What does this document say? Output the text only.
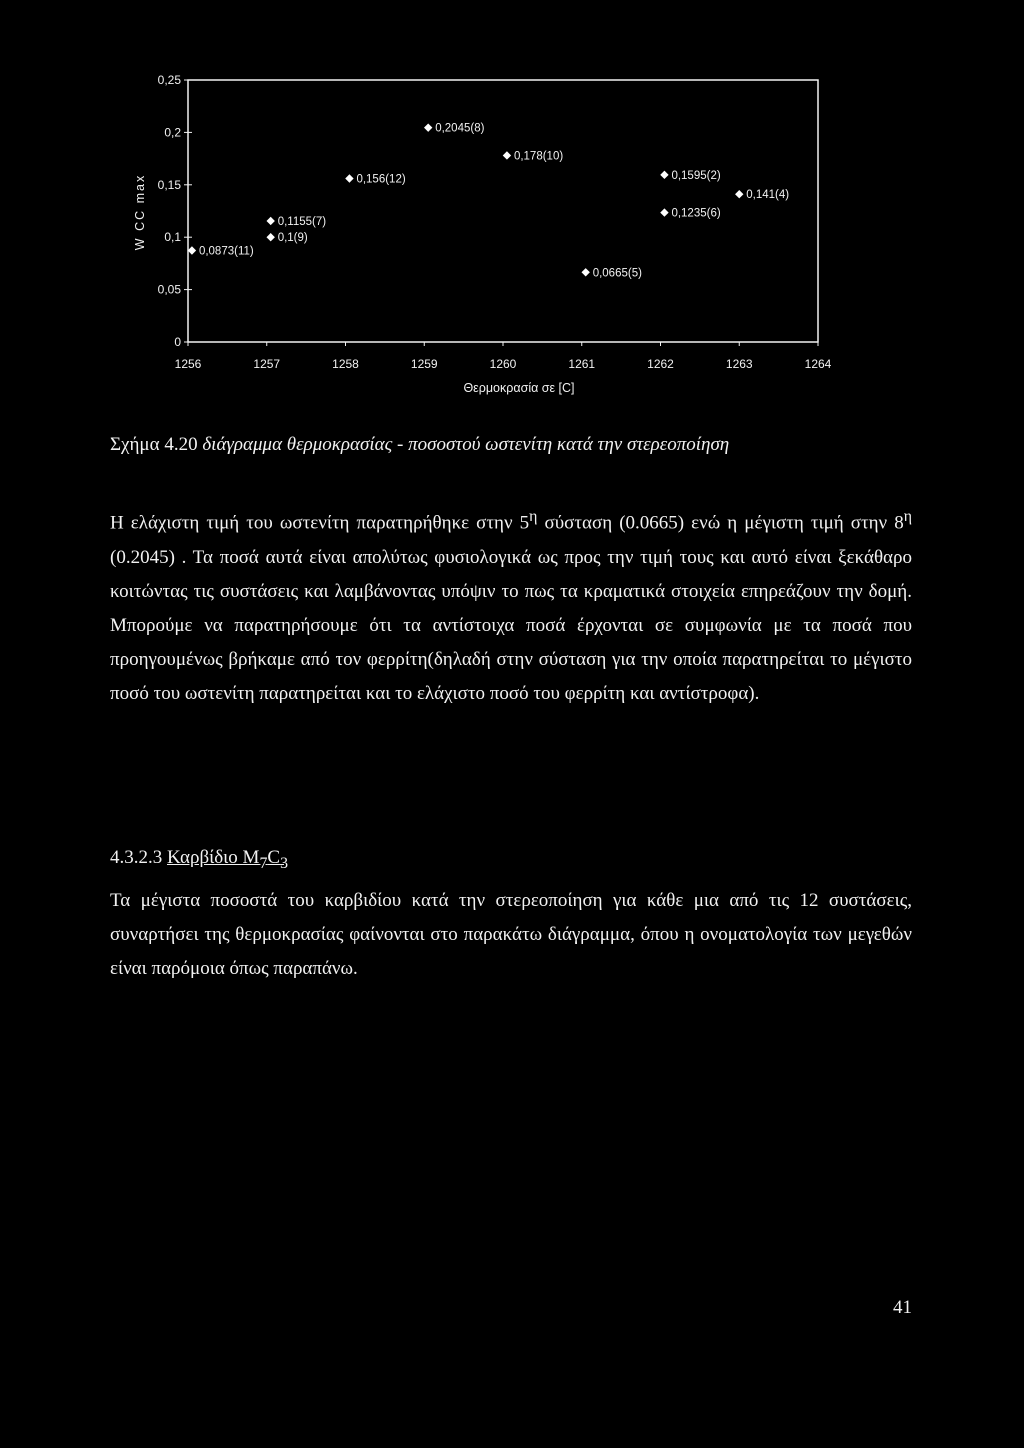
0
0,05
0,1
0,15
0,2
0,25
1256	1257	1258	1259	1260	1261	1262	1263	1264
0,0873(11)
0,1(9)
0,1155(7)
0,156(12)
0,2045(8)
0,178(10)
0,0665(5)
0,1595(2)
0,1235(6)
0,141(4)
Θερμοκρασία σε [C]
W CC max
Σχήμα 4.20 διάγραμμα θερμοκρασίας - ποσοστού ωστενίτη κατά την στερεοποίηση
Η ελάχιστη τιμή του ωστενίτη παρατηρήθηκε στην $5^\eta$ σύσταση (0.0665) ενώ η μέγιστη τιμή στην $8^\eta$ (0.2045) . Τα ποσά αυτά είναι απολύτως φυσιολογικά ως προς την τιμή τους και αυτό είναι ξεκάθαρο κοιτώντας τις συστάσεις και λαμβάνοντας υπόψιν το πως τα κραματικά στοιχεία επηρεάζουν την δομή. Μπορούμε να παρατηρήσουμε ότι τα αντίστοιχα ποσά έρχονται σε συμφωνία με τα ποσά που προηγουμένως βρήκαμε από τον φερρίτη(δηλαδή στην σύσταση για την οποία παρατηρείται το μέγιστο ποσό του ωστενίτη παρατηρείται και το ελάχιστο ποσό του φερρίτη και αντίστροφα).
4.3.2.3 Καρβίδιο $M_7C_3$
Τα μέγιστα ποσοστά του καρβιδίου κατά την στερεοποίηση για κάθε μια από τις 12 συστάσεις, συναρτήσει της θερμοκρασίας φαίνονται στο παρακάτω διάγραμμα, όπου η ονοματολογία των μεγεθών είναι παρόμοια όπως παραπάνω.
41
